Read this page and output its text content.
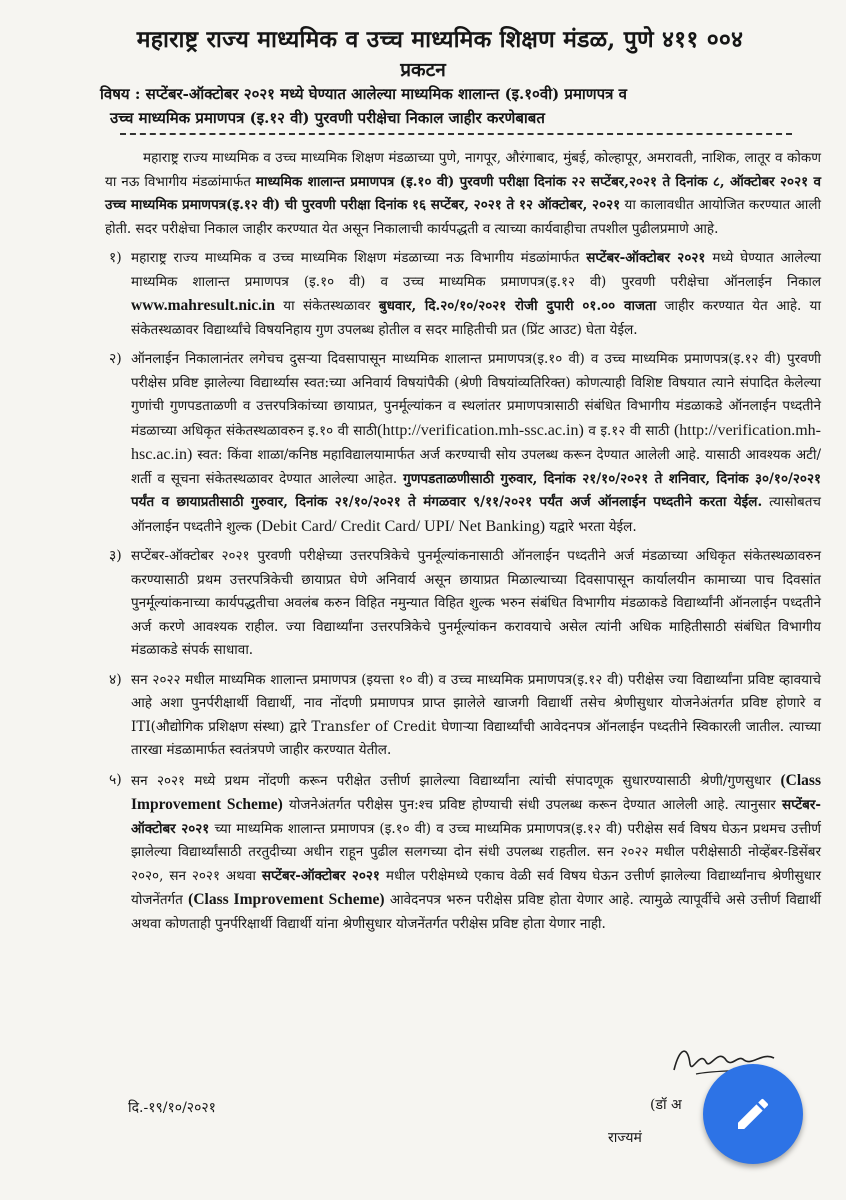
महाराष्ट्र राज्य माध्यमिक व उच्च माध्यमिक शिक्षण मंडळ, पुणे ४११ ००४
प्रकटन
विषय : सप्टेंबर-ऑक्टोबर २०२१ मध्ये घेण्यात आलेल्या माध्यमिक शालान्त (इ.१०वी) प्रमाणपत्र व
उच्च माध्यमिक प्रमाणपत्र (इ.१२ वी) पुरवणी परीक्षेचा निकाल जाहीर करणेबाबत

महाराष्ट्र राज्य माध्यमिक व उच्च माध्यमिक शिक्षण मंडळाच्या पुणे, नागपूर, औरंगाबाद, मुंबई, कोल्हापूर, अमरावती, नाशिक, लातूर व कोकण या नऊ विभागीय मंडळांमार्फत माध्यमिक शालान्त प्रमाणपत्र (इ.१० वी) पुरवणी परीक्षा दिनांक २२ सप्टेंबर,२०२१ ते दिनांक ८, ऑक्टोबर २०२१ व उच्च माध्यमिक प्रमाणपत्र(इ.१२ वी) ची पुरवणी परीक्षा दिनांक १६ सप्टेंबर, २०२१ ते १२ ऑक्टोबर, २०२१ या कालावधीत आयोजित करण्यात आली होती. सदर परीक्षेचा निकाल जाहीर करण्यात येत असून निकालाची कार्यपद्धती व त्याच्या कार्यवाहीचा तपशील पुढीलप्रमाणे आहे.

१) महाराष्ट्र राज्य माध्यमिक व उच्च माध्यमिक शिक्षण मंडळाच्या नऊ विभागीय मंडळांमार्फत सप्टेंबर-ऑक्टोबर २०२१ मध्ये घेण्यात आलेल्या माध्यमिक शालान्त प्रमाणपत्र (इ.१० वी) व उच्च माध्यमिक प्रमाणपत्र(इ.१२ वी) पुरवणी परीक्षेचा ऑनलाईन निकाल www.mahresult.nic.in या संकेतस्थळावर बुधवार, दि.२०/१०/२०२१ रोजी दुपारी ०१.०० वाजता जाहीर करण्यात येत आहे. या संकेतस्थळावर विद्यार्थ्यांचे विषयनिहाय गुण उपलब्ध होतील व सदर माहितीची प्रत (प्रिंट आउट) घेता येईल.

२) ऑनलाईन निकालानंतर लगेचच दुसऱ्या दिवसापासून माध्यमिक शालान्त प्रमाणपत्र(इ.१० वी) व उच्च माध्यमिक प्रमाणपत्र(इ.१२ वी) पुरवणी परीक्षेस प्रविष्ट झालेल्या विद्यार्थ्यास स्वत:च्या अनिवार्य विषयांपैकी (श्रेणी विषयांव्यतिरिक्त) कोणत्याही विशिष्ट विषयात त्याने संपादित केलेल्या गुणांची गुणपडताळणी व उत्तरपत्रिकांच्या छायाप्रत, पुनर्मूल्यांकन व स्थलांतर प्रमाणपत्रासाठी संबंधित विभागीय मंडळाकडे ऑनलाईन पध्दतीने मंडळाच्या अधिकृत संकेतस्थळावरुन इ.१० वी साठी(http://verification.mh-ssc.ac.in) व इ.१२ वी साठी (http://verification.mh-hsc.ac.in) स्वत: किंवा शाळा/कनिष्ठ महाविद्यालयामार्फत अर्ज करण्याची सोय उपलब्ध करून देण्यात आलेली आहे. यासाठी आवश्यक अटी/शर्ती व सूचना संकेतस्थळावर देण्यात आलेल्या आहेत. गुणपडताळणीसाठी गुरुवार, दिनांक २१/१०/२०२१ ते शनिवार, दिनांक ३०/१०/२०२१ पर्यंत व छायाप्रतीसाठी गुरुवार, दिनांक २१/१०/२०२१ ते मंगळवार ९/११/२०२१ पर्यंत अर्ज ऑनलाईन पध्दतीने करता येईल. त्यासोबतच ऑनलाईन पध्दतीने शुल्क (Debit Card/ Credit Card/ UPI/ Net Banking) यद्वारे भरता येईल.

३) सप्टेंबर-ऑक्टोबर २०२१ पुरवणी परीक्षेच्या उत्तरपत्रिकेचे पुनर्मूल्यांकनासाठी ऑनलाईन पध्दतीने अर्ज मंडळाच्या अधिकृत संकेतस्थळावरुन करण्यासाठी प्रथम उत्तरपत्रिकेची छायाप्रत घेणे अनिवार्य असून छायाप्रत मिळाल्याच्या दिवसापासून कार्यालयीन कामाच्या पाच दिवसांत पुनर्मूल्यांकनाच्या कार्यपद्धतीचा अवलंब करुन विहित नमुन्यात विहित शुल्क भरुन संबंधित विभागीय मंडळाकडे विद्यार्थ्यांनी ऑनलाईन पध्दतीने अर्ज करणे आवश्यक राहील. ज्या विद्यार्थ्यांना उत्तरपत्रिकेचे पुनर्मूल्यांकन करावयाचे असेल त्यांनी अधिक माहितीसाठी संबंधित विभागीय मंडळाकडे संपर्क साधावा.

४) सन २०२२ मधील माध्यमिक शालान्त प्रमाणपत्र (इयत्ता १० वी) व उच्च माध्यमिक प्रमाणपत्र(इ.१२ वी) परीक्षेस ज्या विद्यार्थ्यांना प्रविष्ट व्हावयाचे आहे अशा पुनर्परीक्षार्थी विद्यार्थी, नाव नोंदणी प्रमाणपत्र प्राप्त झालेले खाजगी विद्यार्थी तसेच श्रेणीसुधार योजनेअंतर्गत प्रविष्ट होणारे व ITI(औद्योगिक प्रशिक्षण संस्था) द्वारे Transfer of Credit घेणाऱ्या विद्यार्थ्यांची आवेदनपत्र ऑनलाईन पध्दतीने स्विकारली जातील. त्याच्या तारखा मंडळामार्फत स्वतंत्रपणे जाहीर करण्यात येतील.

५) सन २०२१ मध्ये प्रथम नोंदणी करून परीक्षेत उत्तीर्ण झालेल्या विद्यार्थ्यांना त्यांची संपादणूक सुधारण्यासाठी श्रेणी/गुणसुधार (Class Improvement Scheme) योजनेअंतर्गत परीक्षेस पुन:श्च प्रविष्ट होण्याची संधी उपलब्ध करून देण्यात आलेली आहे. त्यानुसार सप्टेंबर-ऑक्टोबर २०२१ च्या माध्यमिक शालान्त प्रमाणपत्र (इ.१० वी) व उच्च माध्यमिक प्रमाणपत्र(इ.१२ वी) परीक्षेस सर्व विषय घेऊन प्रथमच उत्तीर्ण झालेल्या विद्यार्थ्यांसाठी तरतुदीच्या अधीन राहून पुढील सलगच्या दोन संधी उपलब्ध राहतील. सन २०२२ मधील परीक्षेसाठी नोव्हेंबर-डिसेंबर २०२०, सन २०२१ अथवा सप्टेंबर-ऑक्टोबर २०२१ मधील परीक्षेमध्ये एकाच वेळी सर्व विषय घेऊन उत्तीर्ण झालेल्या विद्यार्थ्यांनाच श्रेणीसुधार योजनेंतर्गत (Class Improvement Scheme) आवेदनपत्र भरुन परीक्षेस प्रविष्ट होता येणार आहे. त्यामुळे त्यापूर्वीचे असे उत्तीर्ण विद्यार्थी अथवा कोणताही पुनर्परिक्षार्थी विद्यार्थी यांना श्रेणीसुधार योजनेंतर्गत परीक्षेस प्रविष्ट होता येणार नाही.

दि.-१९/१०/२०२१	(डॉ अ
राज्यमं
